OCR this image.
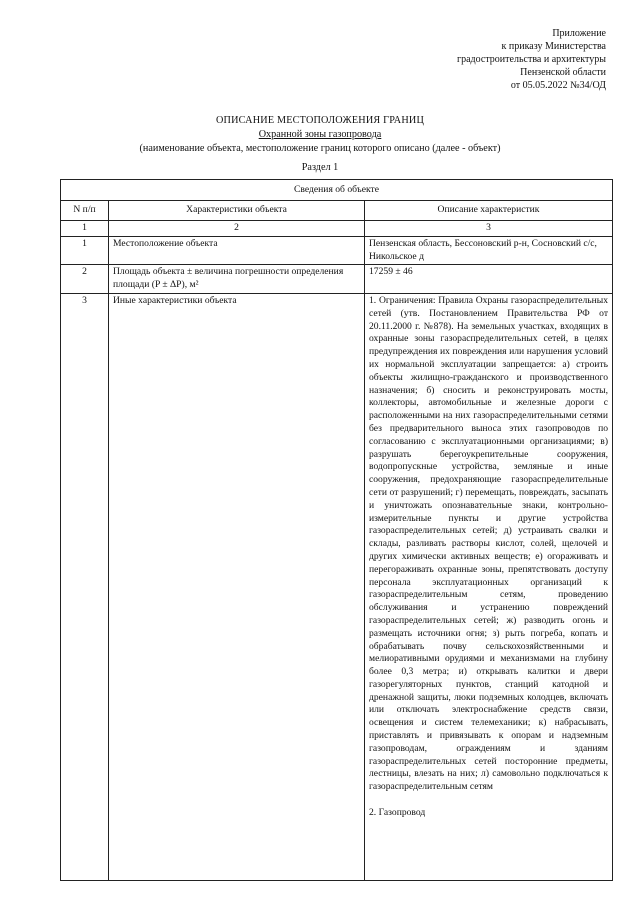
Приложение
к приказу Министерства
градостроительства и архитектуры
Пензенской области
от 05.05.2022 №34/ОД
ОПИСАНИЕ МЕСТОПОЛОЖЕНИЯ ГРАНИЦ
Охранной зоны газопровода
(наименование объекта, местоположение границ которого описано (далее - объект)
Раздел 1
Сведения об объекте		
N п/п	Характеристики объекта	Описание характеристик
1	2	3
1	Местоположение объекта	Пензенская область, Бессоновский р-н, Сосновский с/с, Никольское д
2	Площадь объекта ± величина погрешности определения площади (P ± ΔP), м²	17259 ± 46
3	Иные характеристики объекта	1. Ограничения: Правила Охраны газораспределительных сетей (утв. Постановлением Правительства РФ от 20.11.2000 г. №878). На земельных участках, входящих в охранные зоны газораспределительных сетей, в целях предупреждения их повреждения или нарушения условий их нормальной эксплуатации запрещается: а) строить объекты жилищно-гражданского и производственного назначения; б) сносить и реконструировать мосты, коллекторы, автомобильные и железные дороги с расположенными на них газораспределительными сетями без предварительного выноса этих газопроводов по согласованию с эксплуатационными организациями; в) разрушать берегоукрепительные сооружения, водопропускные устройства, земляные и иные сооружения, предохраняющие газораспределительные сети от разрушений; г) перемещать, повреждать, засыпать и уничтожать опознавательные знаки, контрольно-измерительные пункты и другие устройства газораспределительных сетей; д) устраивать свалки и склады, разливать растворы кислот, солей, щелочей и других химически активных веществ; е) огораживать и перегораживать охранные зоны, препятствовать доступу персонала эксплуатационных организаций к газораспределительным сетям, проведению обслуживания и устранению повреждений газораспределительных сетей; ж) разводить огонь и размещать источники огня; з) рыть погреба, копать и обрабатывать почву сельскохозяйственными и мелиоративными орудиями и механизмами на глубину более 0,3 метра; и) открывать калитки и двери газорегуляторных пунктов, станций катодной и дренажной защиты, люки подземных колодцев, включать или отключать электроснабжение средств связи, освещения и систем телемеханики; к) набрасывать, приставлять и привязывать к опорам и надземным газопроводам, ограждениям и зданиям газораспределительных сетей посторонние предметы, лестницы, влезать на них; л) самовольно подключаться к газораспределительным сетям

2. Газопровод
